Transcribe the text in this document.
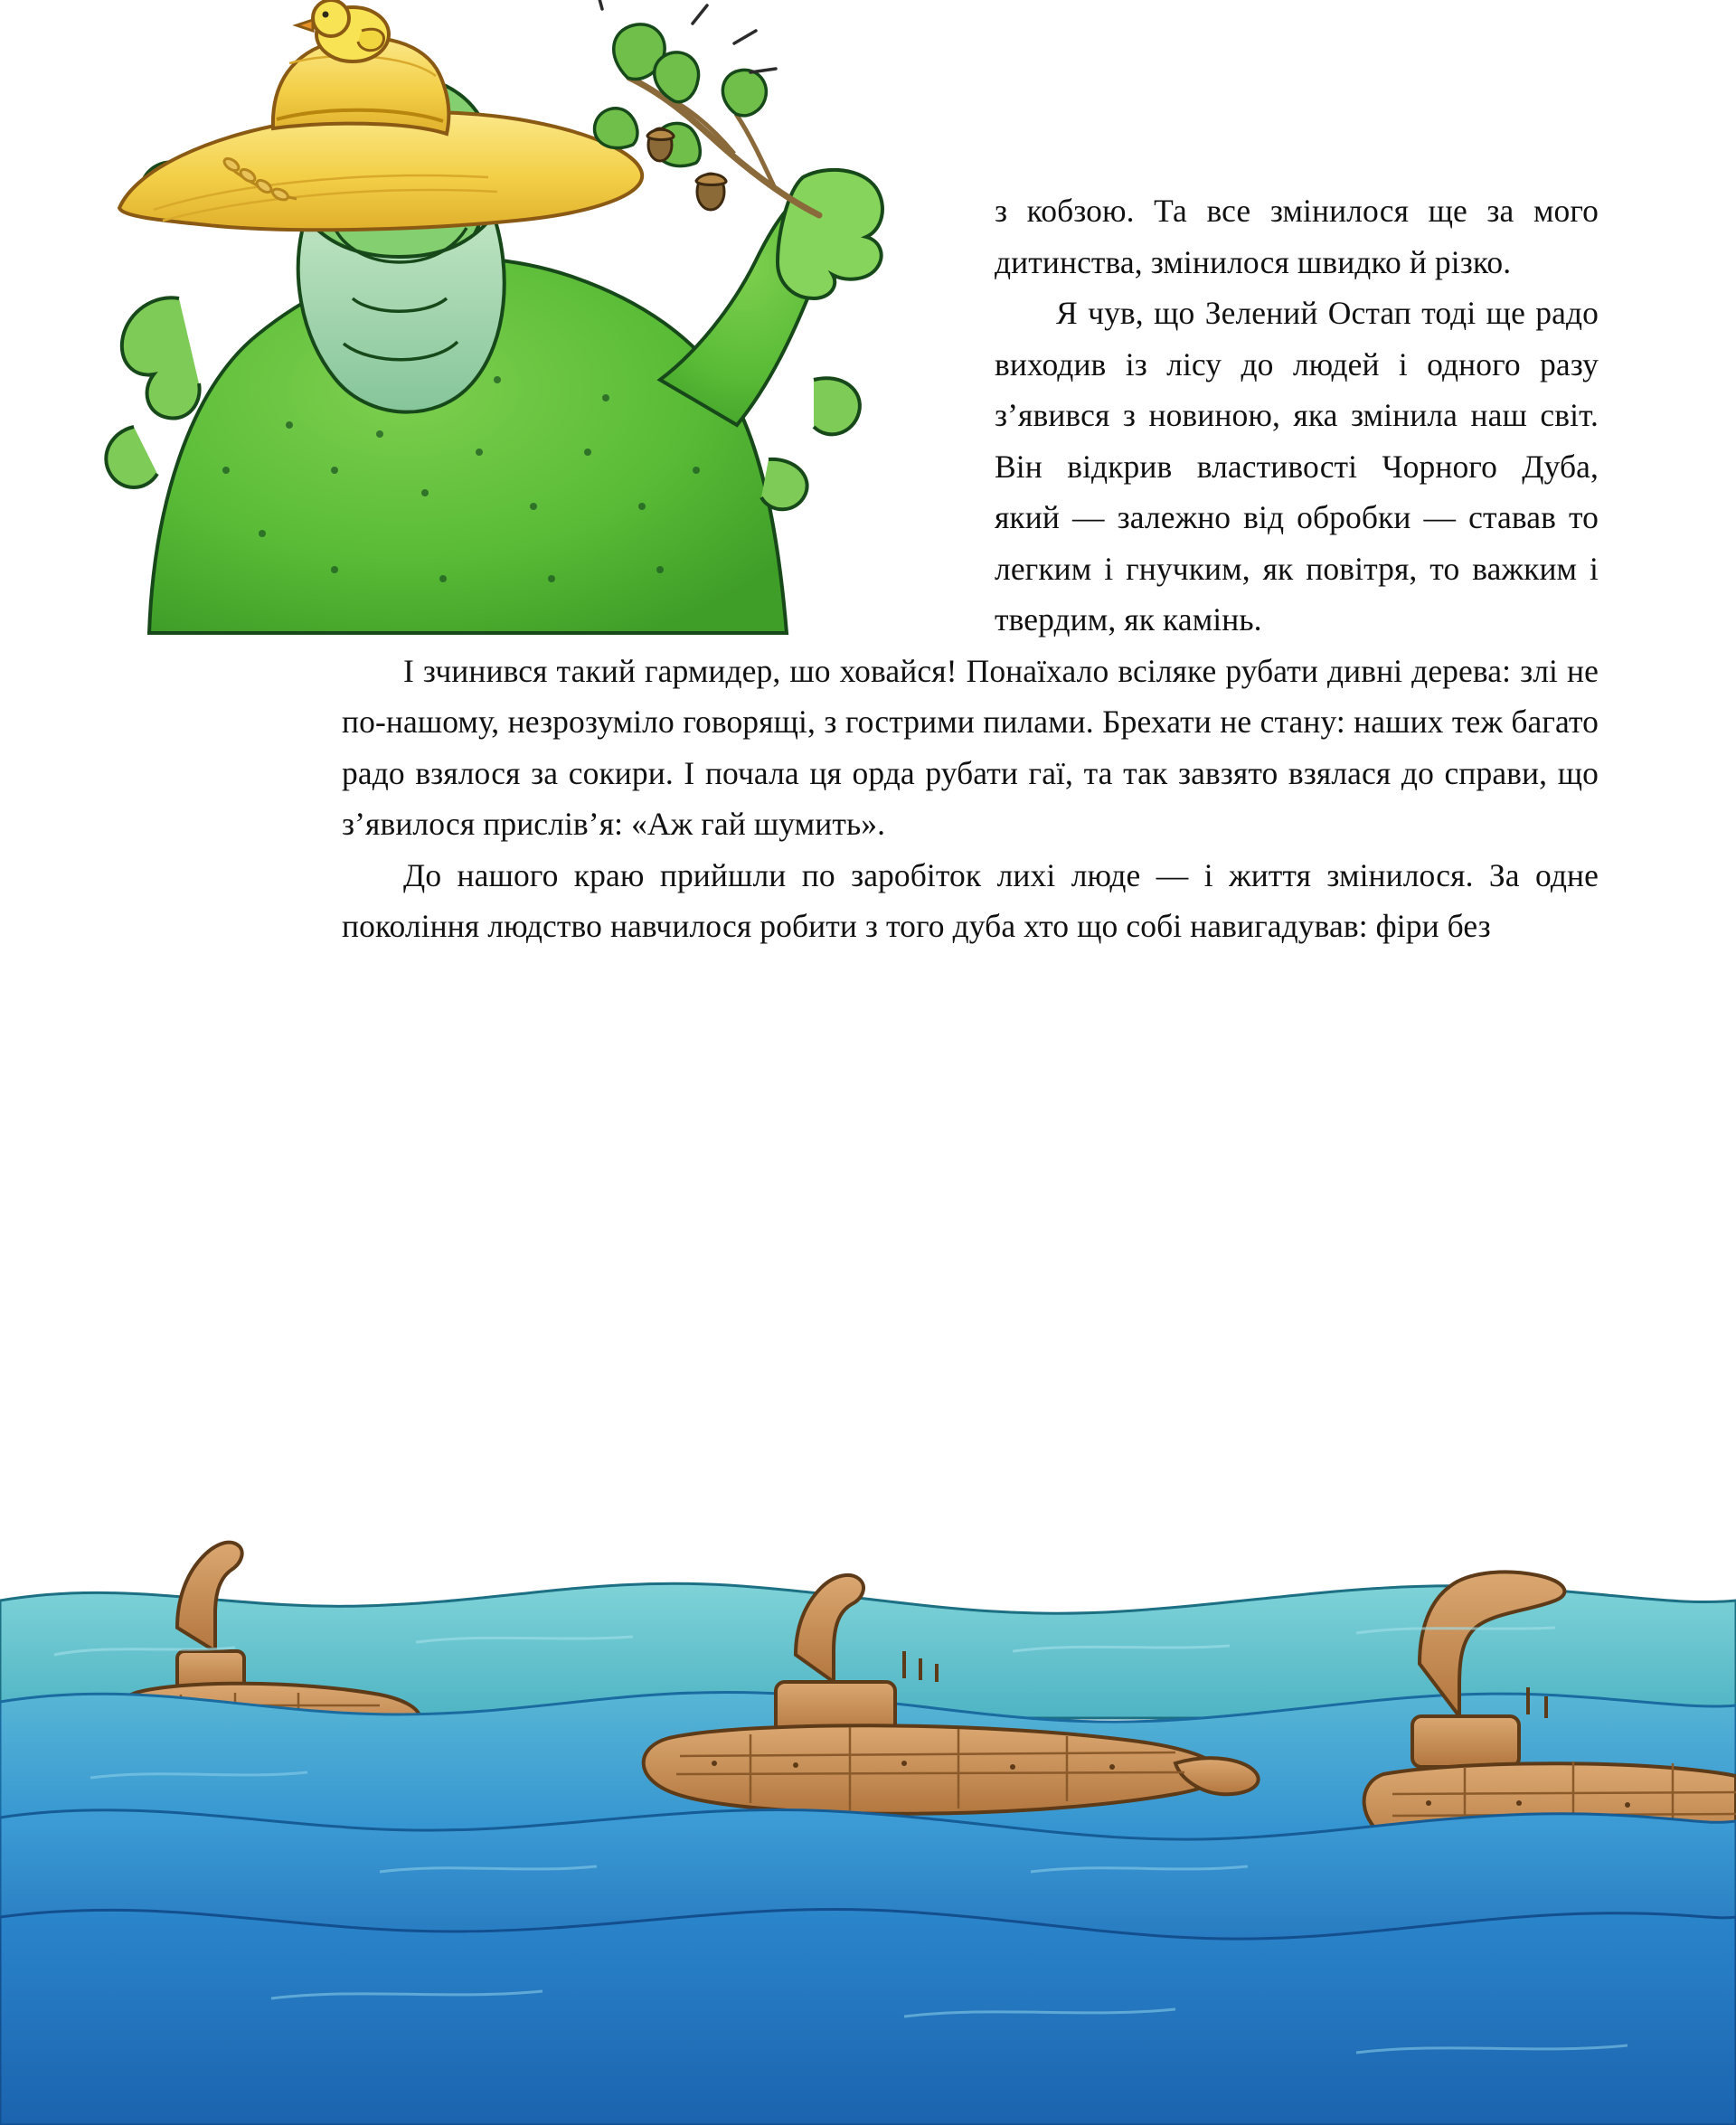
з кобзою. Та все змінилося ще за мого дитинства, змінилося швидко й різко.

Я чув, що Зелений Остап тоді ще радо виходив із лісу до людей і одного разу з’явився з новиною, яка змінила наш світ. Він відкрив властивості Чорного Дуба, який — залежно від обробки — ставав то легким і гнучким, як повітря, то важким і твердим, як камінь.

І зчинився такий гармидер, шо ховайся! Понаїхало всіляке рубати дивні дерева: злі не по-нашому, незрозуміло говорящі, з гострими пилами. Брехати не стану: наших теж багато радо взялося за сокири. І почала ця орда рубати гаї, та так завзято взялася до справи, що з’явилося прислів’я: «Аж гай шумить».

До нашого краю прийшли по заробіток лихі люде — і життя змінилося. За одне покоління людство навчилося робити з того дуба хто що собі навигадував: фіри без
